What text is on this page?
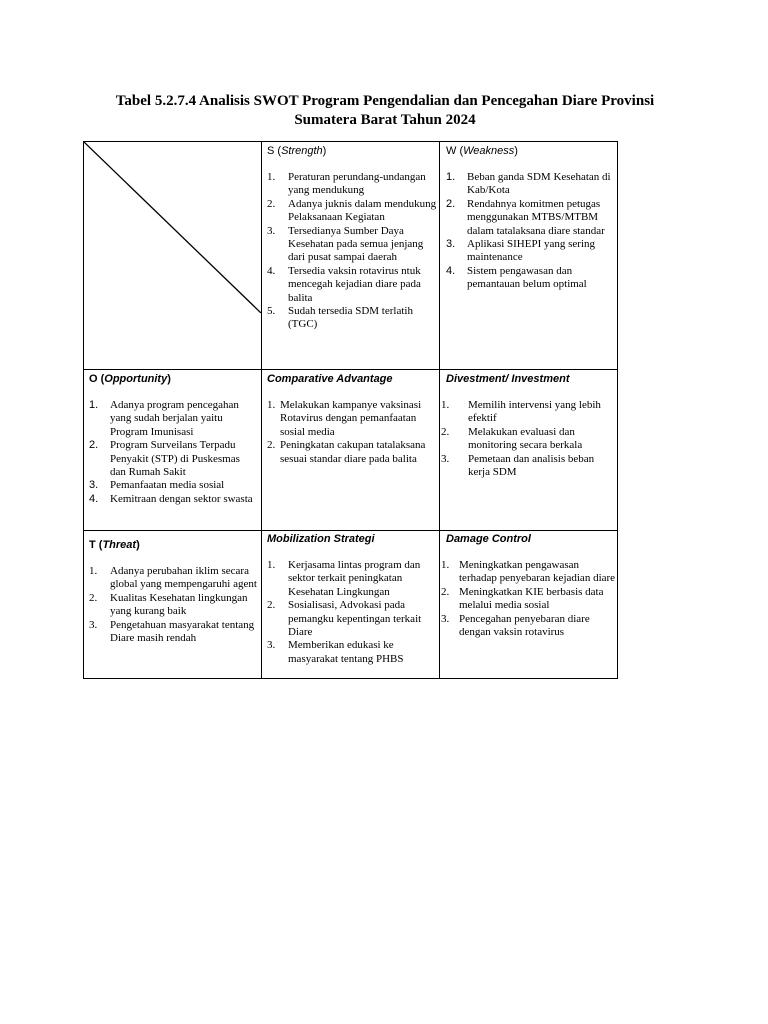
Tabel 5.2.7.4 Analisis SWOT Program Pengendalian dan Pencegahan Diare Provinsi
Sumatera Barat Tahun 2024
S (Strength)
1. Peraturan perundang-undangan yang mendukung
2. Adanya juknis dalam mendukung Pelaksanaan Kegiatan
3. Tersedianya Sumber Daya Kesehatan pada semua jenjang dari pusat sampai daerah
4. Tersedia vaksin rotavirus ntuk mencegah kejadian diare pada balita
5. Sudah tersedia SDM terlatih (TGC)
W (Weakness)
1. Beban ganda SDM Kesehatan di Kab/Kota
2. Rendahnya komitmen petugas menggunakan MTBS/MTBM dalam tatalaksana diare standar
3. Aplikasi SIHEPI yang sering maintenance
4. Sistem pengawasan dan pemantauan belum optimal
O (Opportunity)
1. Adanya program pencegahan yang sudah berjalan yaitu Program Imunisasi
2. Program Surveilans Terpadu Penyakit (STP) di Puskesmas dan Rumah Sakit
3. Pemanfaatan media sosial
4. Kemitraan dengan sektor swasta
Comparative Advantage
1. Melakukan kampanye vaksinasi Rotavirus dengan pemanfaatan sosial media
2. Peningkatan cakupan tatalaksana sesuai standar diare pada balita
Divestment/ Investment
1. Memilih intervensi yang lebih efektif
2. Melakukan evaluasi dan monitoring secara berkala
3. Pemetaan dan analisis beban kerja SDM
T (Threat)
1. Adanya perubahan iklim secara global yang mempengaruhi agent
2. Kualitas Kesehatan lingkungan yang kurang baik
3. Pengetahuan masyarakat tentang Diare masih rendah
Mobilization Strategi
1. Kerjasama lintas program dan sektor terkait peningkatan Kesehatan Lingkungan
2. Sosialisasi, Advokasi pada pemangku kepentingan terkait Diare
3. Memberikan edukasi ke masyarakat tentang PHBS
Damage Control
1. Meningkatkan pengawasan terhadap penyebaran kejadian diare
2. Meningkatkan KIE berbasis data melalui media sosial
3. Pencegahan penyebaran diare dengan vaksin rotavirus
